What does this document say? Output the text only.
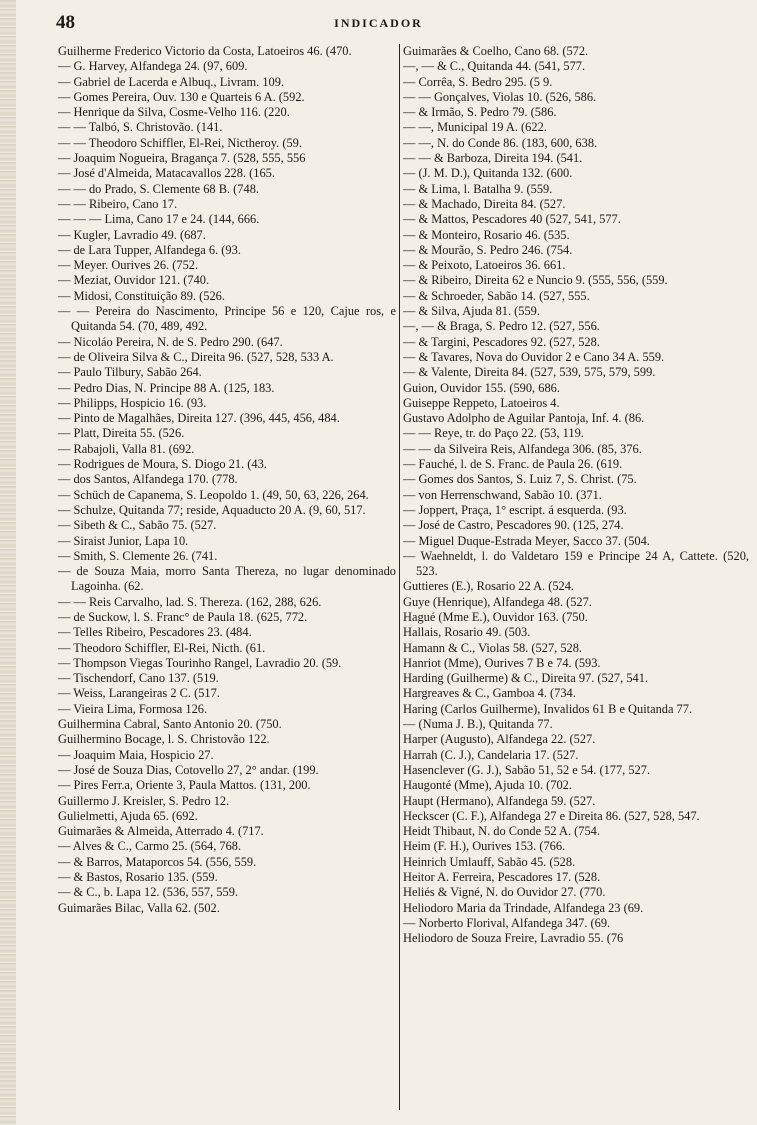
48	INDICADOR

Guilherme Frederico Victorio da Costa, Latoeiros 46. (470.

— G. Harvey, Alfandega 24. (97, 609.

— Gabriel de Lacerda e Albuq., Livram. 109.

— Gomes Pereira, Ouv. 130 e Quarteis 6 A. (592.

— Henrique da Silva, Cosme-Velho 116. (220.

— — Talbó, S. Christovão. (141.

— — Theodoro Schiffler, El-Rei, Nictheroy. (59.

— Joaquim Nogueira, Bragança 7. (528, 555, 556

— José d'Almeida, Matacavallos 228. (165.

— — do Prado, S. Clemente 68 B. (748.

— — Ribeiro, Cano 17.

— — — Lima, Cano 17 e 24. (144, 666.

— Kugler, Lavradio 49. (687.

— de Lara Tupper, Alfandega 6. (93.

— Meyer. Ourives 26. (752.

— Meziat, Ouvidor 121. (740.

— Midosi, Constituição 89. (526.

— — Pereira do Nascimento, Principe 56 e 120, Cajue ros, e Quitanda 54. (70, 489, 492.

— Nicoláo Pereira, N. de S. Pedro 290. (647.

— de Oliveira Silva & C., Direita 96. (527, 528, 533 A.

— Paulo Tilbury, Sabão 264.

— Pedro Dias, N. Principe 88 A. (125, 183.

— Philipps, Hospicio 16. (93.

— Pinto de Magalhães, Direita 127. (396, 445, 456, 484.

— Platt, Direita 55. (526.

— Rabajoli, Valla 81. (692.

— Rodrigues de Moura, S. Diogo 21. (43.

— dos Santos, Alfandega 170. (778.

— Schüch de Capanema, S. Leopoldo 1. (49, 50, 63, 226, 264.

— Schulze, Quitanda 77; reside, Aquaducto 20 A. (9, 60, 517.

— Sibeth & C., Sabão 75. (527.

— Siraist Junior, Lapa 10.

— Smith, S. Clemente 26. (741.

— de Souza Maia, morro Santa Thereza, no lugar denominado Lagoinha. (62.

— — Reis Carvalho, lad. S. Thereza. (162, 288, 626.

— de Suckow, l. S. Franc° de Paula 18. (625, 772.

— Telles Ribeiro, Pescadores 23. (484.

— Theodoro Schiffler, El-Rei, Nicth. (61.

— Thompson Viegas Tourinho Rangel, Lavradio 20. (59.

— Tischendorf, Cano 137. (519.

— Weiss, Larangeiras 2 C. (517.

— Vieira Lima, Formosa 126.

Guilhermina Cabral, Santo Antonio 20. (750.

Guilhermino Bocage, l. S. Christovão 122.

— Joaquim Maia, Hospicio 27.

— José de Souza Dias, Cotovello 27, 2° andar. (199.

— Pires Ferr.a, Oriente 3, Paula Mattos. (131, 200.

Guillermo J. Kreisler, S. Pedro 12.

Gulielmetti, Ajuda 65. (692.

Guimarães & Almeida, Atterrado 4. (717.

— Alves & C., Carmo 25. (564, 768.

— & Barros, Mataporcos 54. (556, 559.

— & Bastos, Rosario 135. (559.

— & C., b. Lapa 12. (536, 557, 559.

Guimarães Bilac, Valla 62. (502.

Guimarães & Coelho, Cano 68. (572.

—, — & C., Quitanda 44. (541, 577.

— Corrêa, S. Bedro 295. (5 9.

— — Gonçalves, Violas 10. (526, 586.

— & Irmão, S. Pedro 79. (586.

— —, Municipal 19 A. (622.

— —, N. do Conde 86. (183, 600, 638.

— — & Barboza, Direita 194. (541.

— (J. M. D.), Quitanda 132. (600.

— & Lima, l. Batalha 9. (559.

— & Machado, Direita 84. (527.

— & Mattos, Pescadores 40 (527, 541, 577.

— & Monteiro, Rosario 46. (535.

— & Mourão, S. Pedro 246. (754.

— & Peixoto, Latoeiros 36. 661.

— & Ribeiro, Direita 62 e Nuncio 9. (555, 556, (559.

— & Schroeder, Sabão 14. (527, 555.

— & Silva, Ajuda 81. (559.

—, — & Braga, S. Pedro 12. (527, 556.

— & Targini, Pescadores 92. (527, 528.

— & Tavares, Nova do Ouvidor 2 e Cano 34 A. 559.

— & Valente, Direita 84. (527, 539, 575, 579, 599.

Guion, Ouvidor 155. (590, 686.

Guiseppe Reppeto, Latoeiros 4.

Gustavo Adolpho de Aguilar Pantoja, Inf. 4. (86.

— — Reye, tr. do Paço 22. (53, 119.

— — da Silveira Reis, Alfandega 306. (85, 376.

— Fauché, l. de S. Franc. de Paula 26. (619.

— Gomes dos Santos, S. Luiz 7, S. Christ. (75.

— von Herrenschwand, Sabão 10. (371.

— Joppert, Praça, 1° escript. á esquerda. (93.

— José de Castro, Pescadores 90. (125, 274.

— Miguel Duque-Estrada Meyer, Sacco 37. (504.

— Waehneldt, l. do Valdetaro 159 e Principe 24 A, Cattete. (520, 523.

Guttieres (E.), Rosario 22 A. (524.

Guye (Henrique), Alfandega 48. (527.

Hagué (Mme E.), Ouvidor 163. (750.

Hallais, Rosario 49. (503.

Hamann & C., Violas 58. (527, 528.

Hanriot (Mme), Ourives 7 B e 74. (593.

Harding (Guilherme) & C., Direita 97. (527, 541.

Hargreaves & C., Gamboa 4. (734.

Haring (Carlos Guilherme), Invalidos 61 B e Quitanda 77.

— (Numa J. B.), Quitanda 77.

Harper (Augusto), Alfandega 22. (527.

Harrah (C. J.), Candelaria 17. (527.

Hasenclever (G. J.), Sabão 51, 52 e 54. (177, 527.

Haugonté (Mme), Ajuda 10. (702.

Haupt (Hermano), Alfandega 59. (527.

Heckscer (C. F.), Alfandega 27 e Direita 86. (527, 528, 547.

Heidt Thibaut, N. do Conde 52 A. (754.

Heim (F. H.), Ourives 153. (766.

Heinrich Umlauff, Sabão 45. (528.

Heitor A. Ferreira, Pescadores 17. (528.

Heliés & Vigné, N. do Ouvidor 27. (770.

Heliodoro Maria da Trindade, Alfandega 23 (69.

— Norberto Florival, Alfandega 347. (69.

Heliodoro de Souza Freire, Lavradio 55. (76
